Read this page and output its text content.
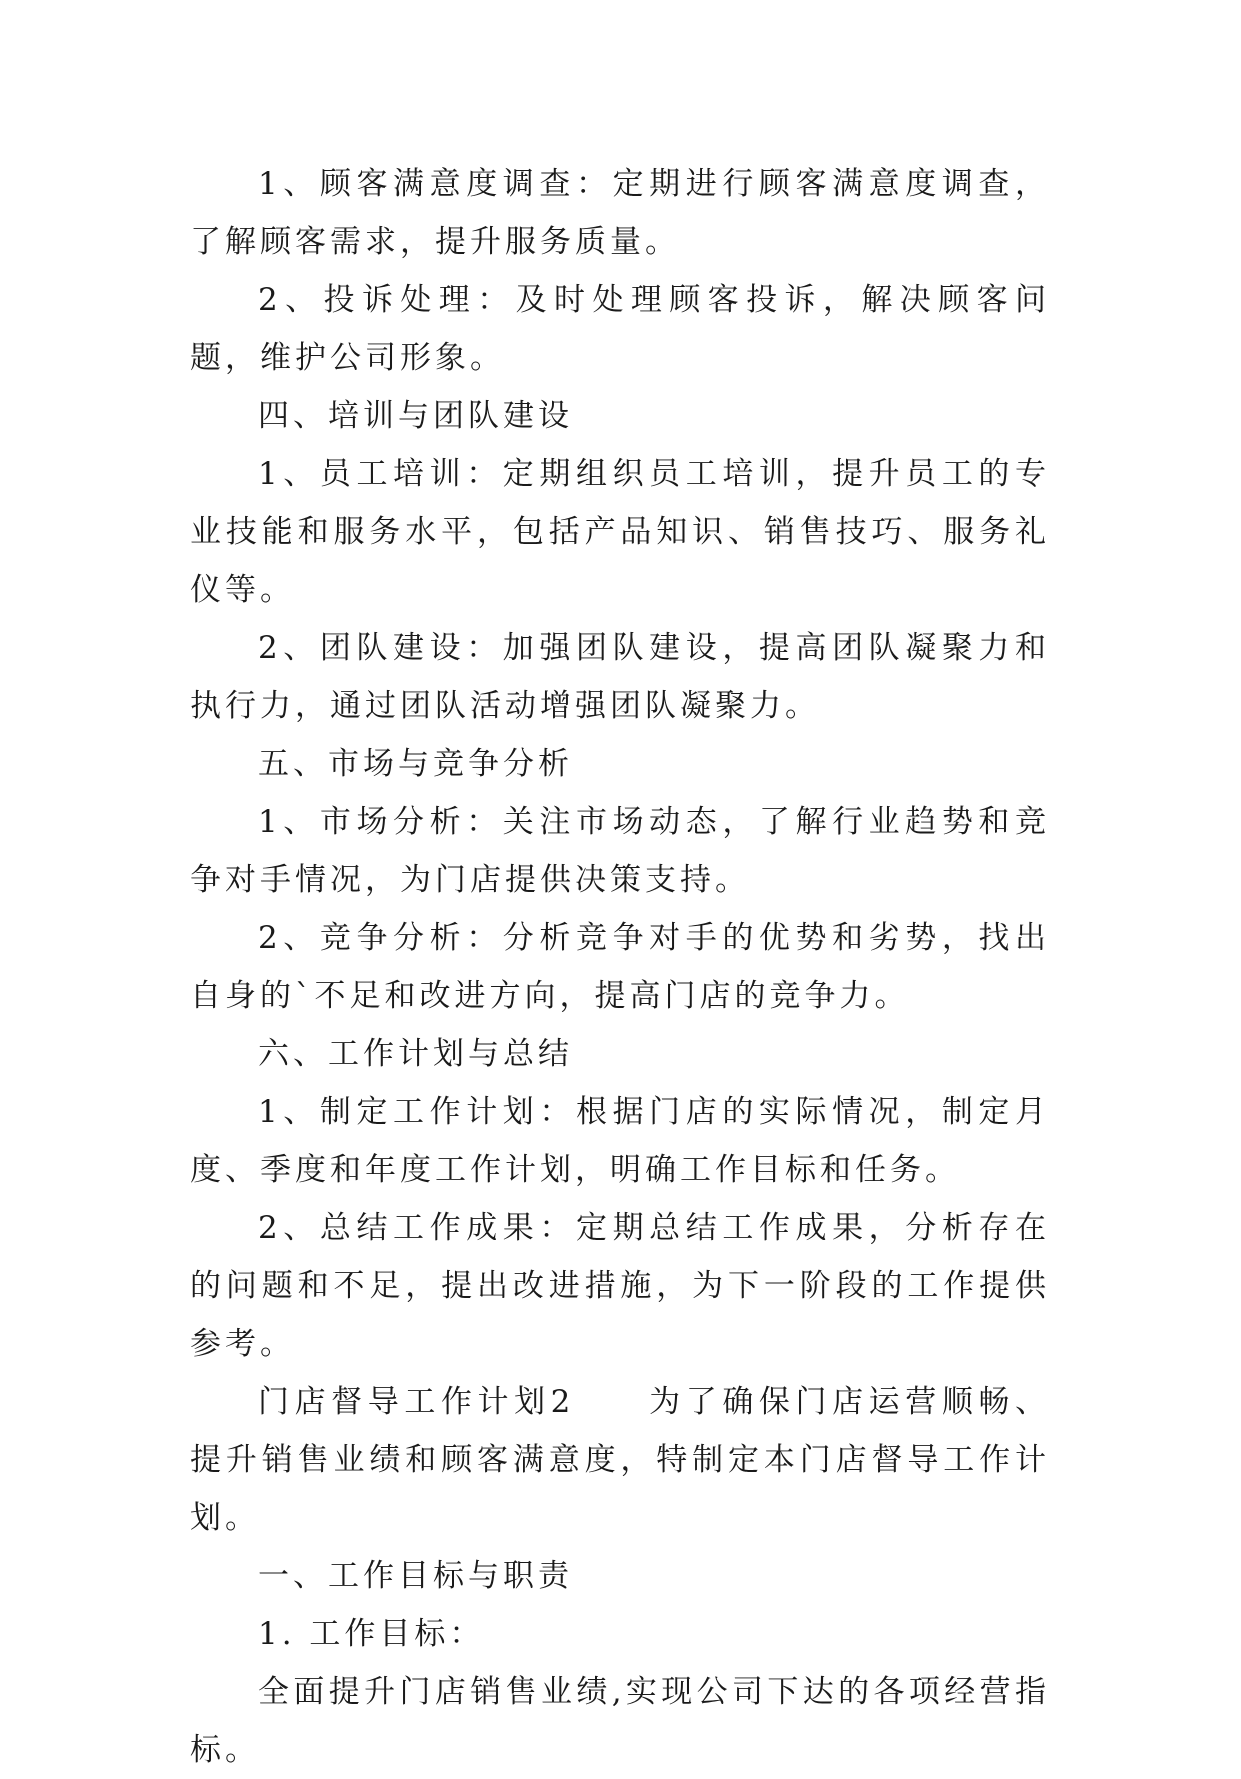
1、顾客满意度调查：定期进行顾客满意度调查，了解顾客需求，提升服务质量。

2、投诉处理：及时处理顾客投诉，解决顾客问题，维护公司形象。

四、培训与团队建设

1、员工培训：定期组织员工培训，提升员工的专业技能和服务水平，包括产品知识、销售技巧、服务礼仪等。

2、团队建设：加强团队建设，提高团队凝聚力和执行力，通过团队活动增强团队凝聚力。

五、市场与竞争分析

1、市场分析：关注市场动态，了解行业趋势和竞争对手情况，为门店提供决策支持。

2、竞争分析：分析竞争对手的优势和劣势，找出自身的`不足和改进方向，提高门店的竞争力。

六、工作计划与总结

1、制定工作计划：根据门店的实际情况，制定月度、季度和年度工作计划，明确工作目标和任务。

2、总结工作成果：定期总结工作成果，分析存在的问题和不足，提出改进措施，为下一阶段的工作提供参考。

门店督导工作计划2　　为了确保门店运营顺畅、提升销售业绩和顾客满意度，特制定本门店督导工作计划。

一、工作目标与职责

1. 工作目标：

全面提升门店销售业绩,实现公司下达的各项经营指标。
